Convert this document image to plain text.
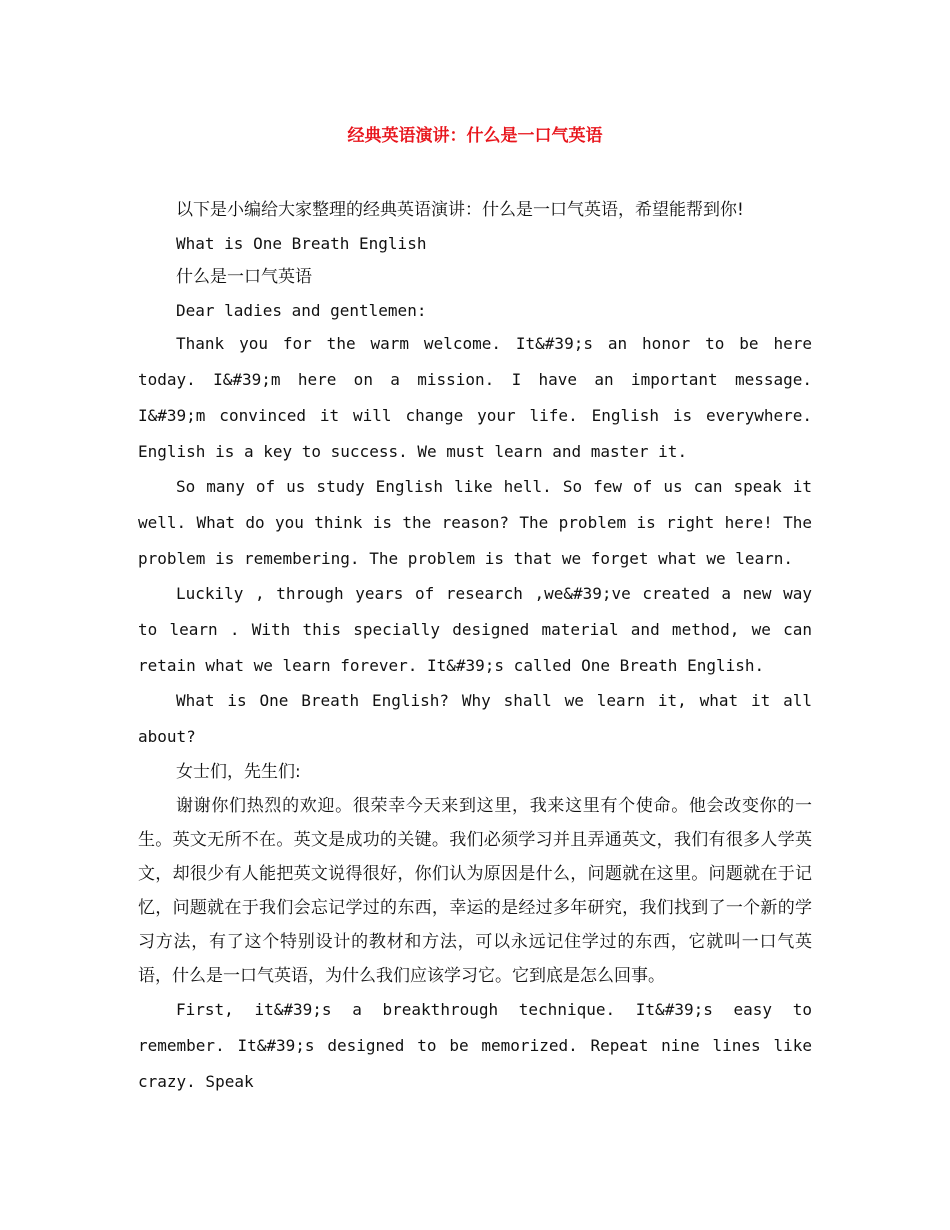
经典英语演讲：什么是一口气英语

以下是小编给大家整理的经典英语演讲：什么是一口气英语，希望能帮到你!

What is One Breath English

什么是一口气英语

Dear ladies and gentlemen:

Thank you for the warm welcome. It&#39;s an honor to be here today. I&#39;m here on a mission. I have an important message. I&#39;m convinced it will change your life. English is everywhere. English is a key to success. We must learn and master it.

So many of us study English like hell. So few of us can speak it well. What do you think is the reason? The problem is right here! The problem is remembering. The problem is that we forget what we learn.

Luckily , through years of research ,we&#39;ve created a new way to learn . With this specially designed material and method, we can retain what we learn forever. It&#39;s called One Breath English.

What is One Breath English? Why shall we learn it, what it all about?

女士们，先生们:

谢谢你们热烈的欢迎。很荣幸今天来到这里，我来这里有个使命。他会改变你的一生。英文无所不在。英文是成功的关键。我们必须学习并且弄通英文，我们有很多人学英文，却很少有人能把英文说得很好，你们认为原因是什么，问题就在这里。问题就在于记忆，问题就在于我们会忘记学过的东西，幸运的是经过多年研究，我们找到了一个新的学习方法，有了这个特别设计的教材和方法，可以永远记住学过的东西，它就叫一口气英语，什么是一口气英语，为什么我们应该学习它。它到底是怎么回事。

First, it&#39;s a breakthrough technique. It&#39;s easy to remember. It&#39;s designed to be memorized. Repeat nine lines like crazy. Speak
